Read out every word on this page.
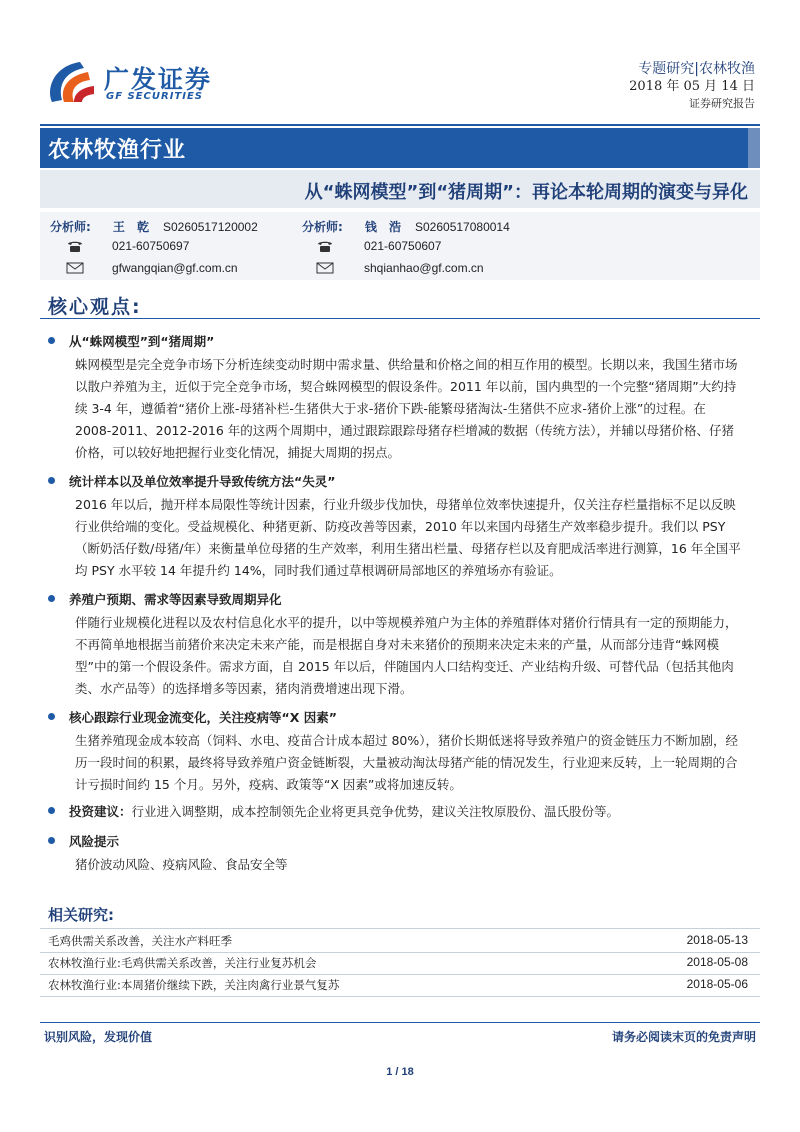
广发证券
GF SECURITIES
专题研究|农林牧渔
2018 年 05 月 14 日
证券研究报告
农林牧渔行业
从“蛛网模型”到“猪周期”：再论本轮周期的演变与异化
分析师: 王 乾 S0260517120002	分析师: 钱 浩 S0260517080014
021-60750697	021-60750607
gfwangqian@gf.com.cn	shqianhao@gf.com.cn
核心观点:
从“蛛网模型”到“猪周期”

蛛网模型是完全竞争市场下分析连续变动时期中需求量、供给量和价格之间的相互作用的模型。长期以来，我国生猪市场以散户养殖为主，近似于完全竞争市场，契合蛛网模型的假设条件。2011 年以前，国内典型的一个完整“猪周期”大约持续 3-4 年，遵循着“猪价上涨-母猪补栏-生猪供大于求-猪价下跌-能繁母猪淘汰-生猪供不应求-猪价上涨”的过程。在 2008-2011、2012-2016 年的这两个周期中，通过跟踪跟踪母猪存栏增减的数据（传统方法），并辅以母猪价格、仔猪价格，可以较好地把握行业变化情况，捕捉大周期的拐点。

统计样本以及单位效率提升导致传统方法“失灵”

2016 年以后，抛开样本局限性等统计因素，行业升级步伐加快，母猪单位效率快速提升，仅关注存栏量指标不足以反映行业供给端的变化。受益规模化、种猪更新、防疫改善等因素，2010 年以来国内母猪生产效率稳步提升。我们以 PSY（断奶活仔数/母猪/年）来衡量单位母猪的生产效率，利用生猪出栏量、母猪存栏以及育肥成活率进行测算，16 年全国平均 PSY 水平较 14 年提升约 14%，同时我们通过草根调研局部地区的养殖场亦有验证。

养殖户预期、需求等因素导致周期异化

伴随行业规模化进程以及农村信息化水平的提升，以中等规模养殖户为主体的养殖群体对猪价行情具有一定的预期能力，不再简单地根据当前猪价来决定未来产能，而是根据自身对未来猪价的预期来决定未来的产量，从而部分违背“蛛网模型”中的第一个假设条件。需求方面，自 2015 年以后，伴随国内人口结构变迁、产业结构升级、可替代品（包括其他肉类、水产品等）的选择增多等因素，猪肉消费增速出现下滑。

核心跟踪行业现金流变化，关注疫病等“X 因素”

生猪养殖现金成本较高（饲料、水电、疫苗合计成本超过 80%），猪价长期低迷将导致养殖户的资金链压力不断加剧，经历一段时间的积累，最终将导致养殖户资金链断裂，大量被动淘汰母猪产能的情况发生，行业迎来反转，上一轮周期的合计亏损时间约 15 个月。另外，疫病、政策等“X 因素”或将加速反转。

投资建议：行业进入调整期，成本控制领先企业将更具竞争优势，建议关注牧原股份、温氏股份等。
风险提示

猪价波动风险、疫病风险、食品安全等

相关研究:
毛鸡供需关系改善，关注水产料旺季	2018-05-13
农林牧渔行业:毛鸡供需关系改善，关注行业复苏机会	2018-05-08
农林牧渔行业:本周猪价继续下跌，关注肉禽行业景气复苏	2018-05-06
识别风险，发现价值	请务必阅读末页的免责声明
1 / 18
